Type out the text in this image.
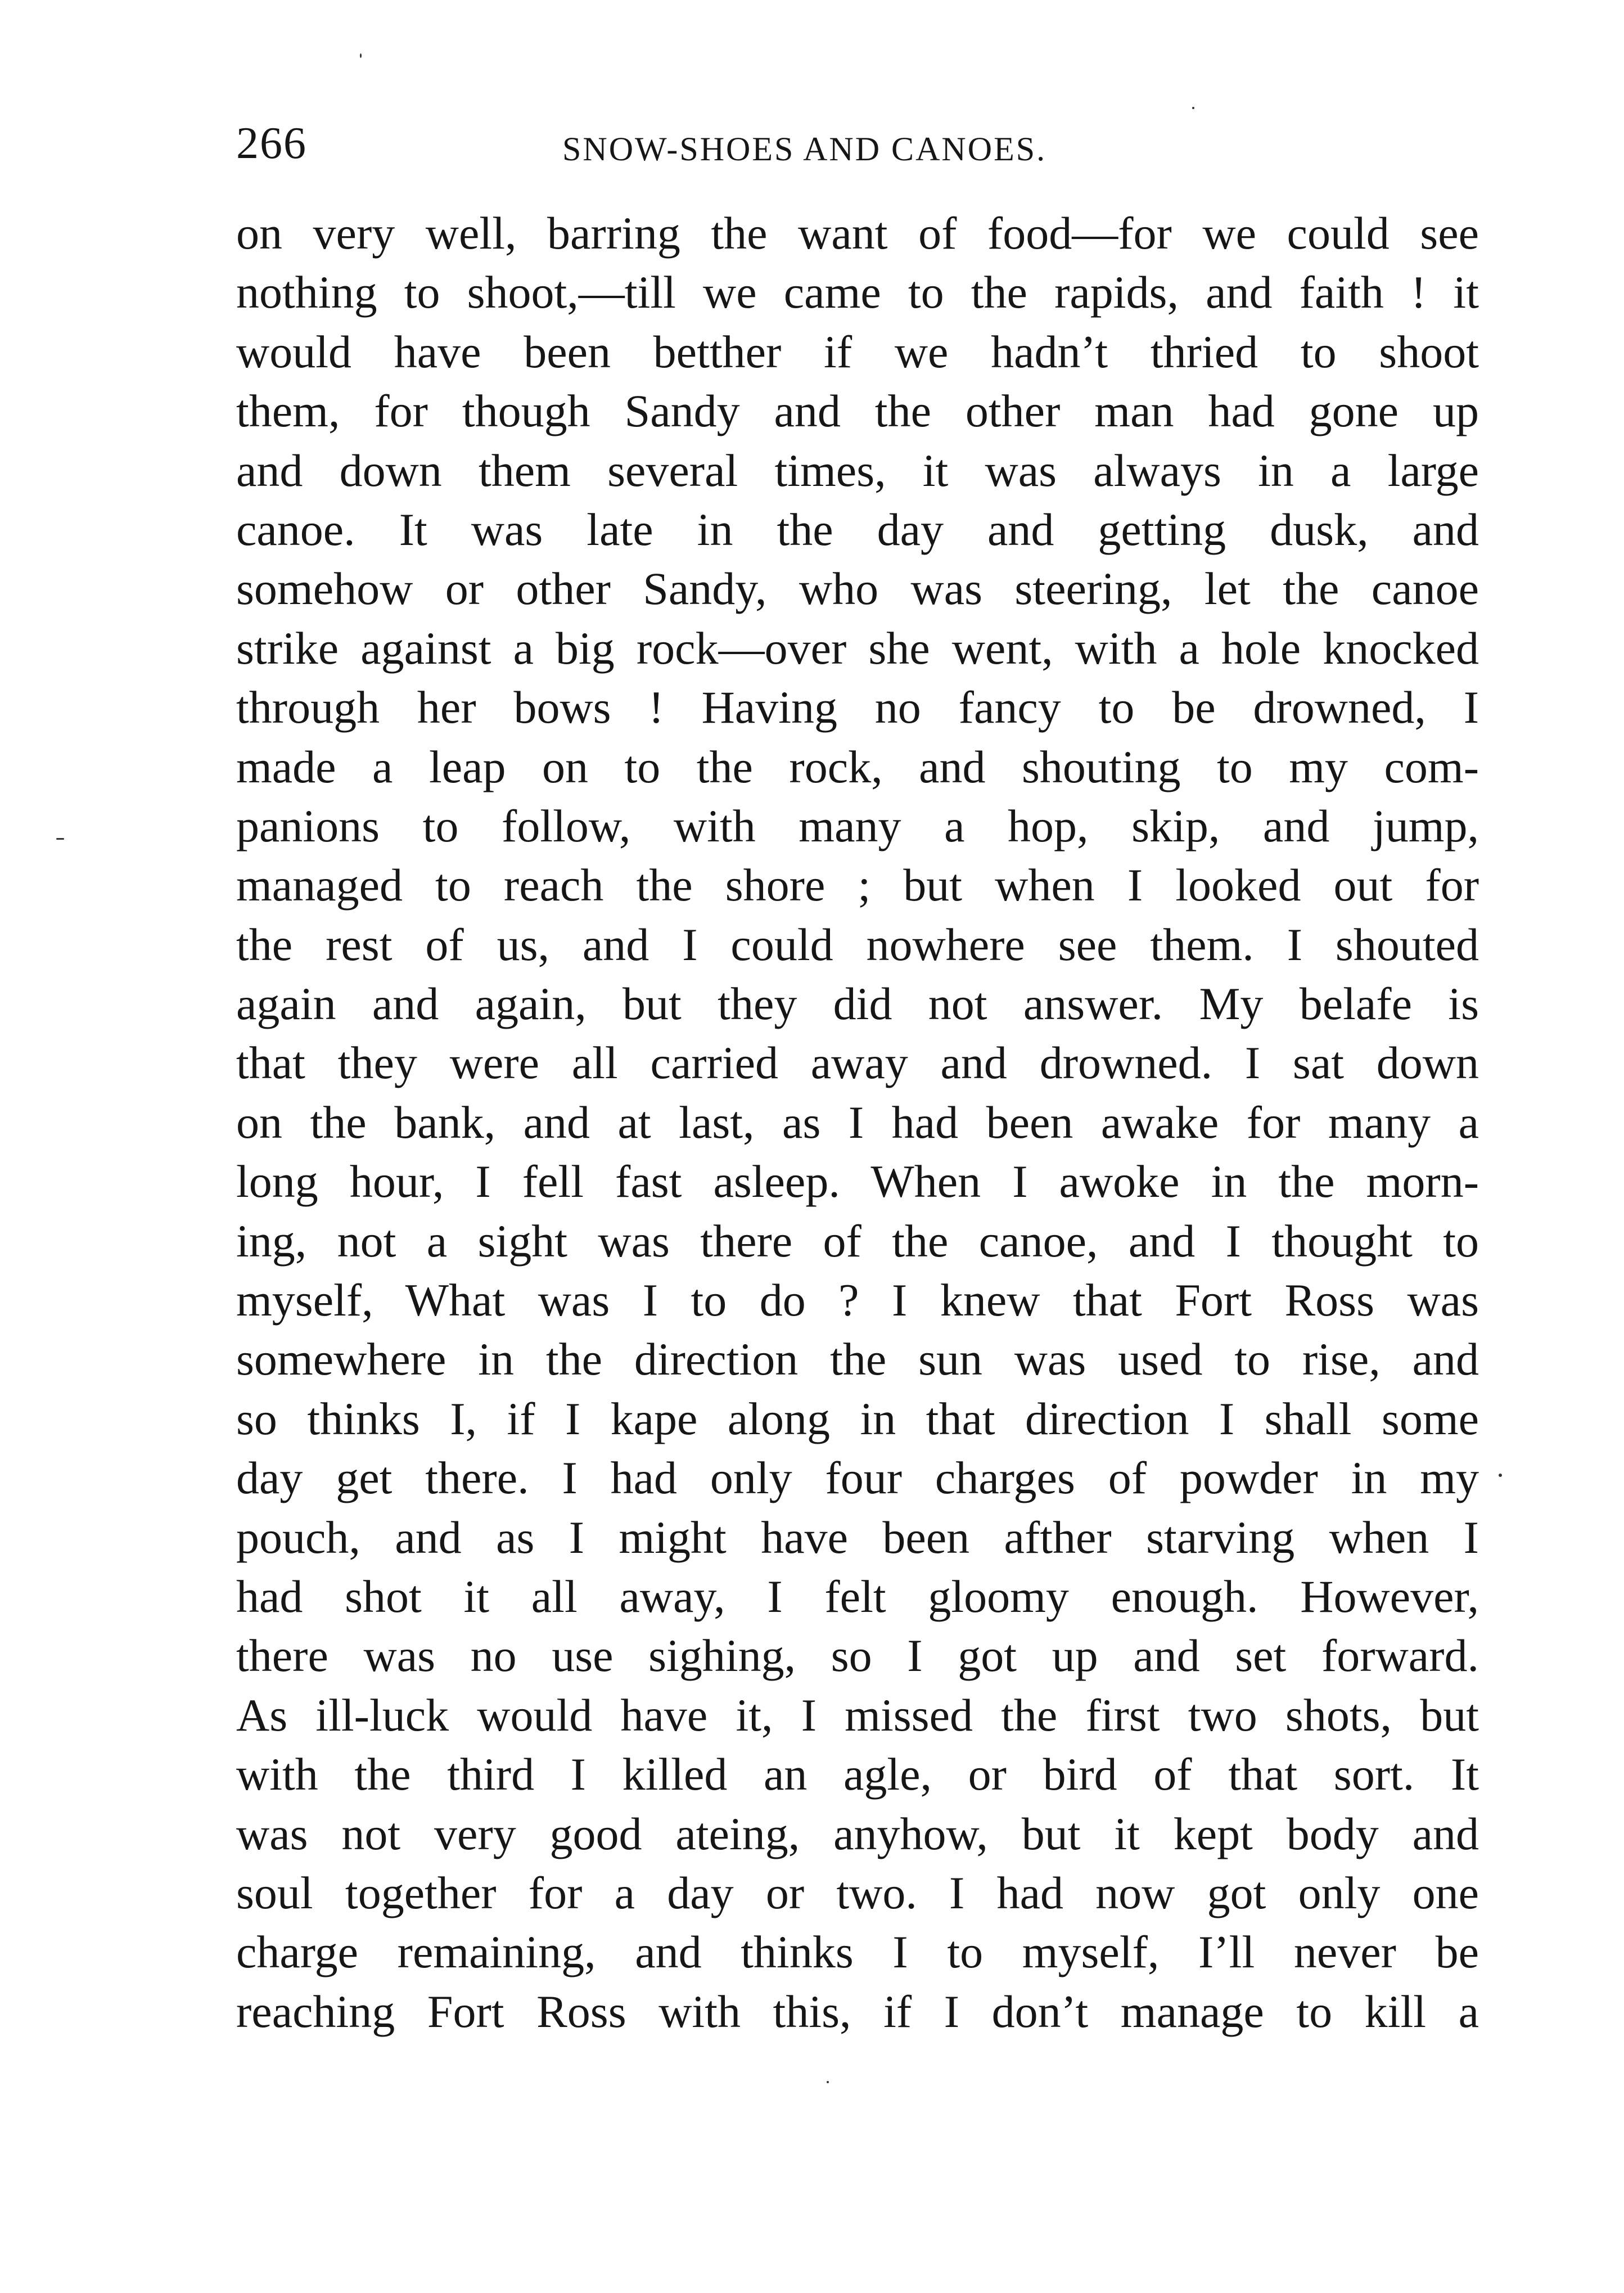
266	SNOW-SHOES AND CANOES.
on very well, barring the want of food—for we could see
nothing to shoot,—till we came to the rapids, and faith ! it
would have been betther if we hadn’t thried to shoot
them, for though Sandy and the other man had gone up
and down them several times, it was always in a large
canoe. It was late in the day and getting dusk, and
somehow or other Sandy, who was steering, let the canoe
strike against a big rock—over she went, with a hole knocked
through her bows ! Having no fancy to be drowned, I
made a leap on to the rock, and shouting to my com-
panions to follow, with many a hop, skip, and jump,
managed to reach the shore ; but when I looked out for
the rest of us, and I could nowhere see them. I shouted
again and again, but they did not answer. My belafe is
that they were all carried away and drowned. I sat down
on the bank, and at last, as I had been awake for many a
long hour, I fell fast asleep. When I awoke in the morn-
ing, not a sight was there of the canoe, and I thought to
myself, What was I to do ? I knew that Fort Ross was
somewhere in the direction the sun was used to rise, and
so thinks I, if I kape along in that direction I shall some
day get there. I had only four charges of powder in my
pouch, and as I might have been afther starving when I
had shot it all away, I felt gloomy enough. However,
there was no use sighing, so I got up and set forward.
As ill-luck would have it, I missed the first two shots, but
with the third I killed an agle, or bird of that sort. It
was not very good ateing, anyhow, but it kept body and
soul together for a day or two. I had now got only one
charge remaining, and thinks I to myself, I’ll never be
reaching Fort Ross with this, if I don’t manage to kill a
